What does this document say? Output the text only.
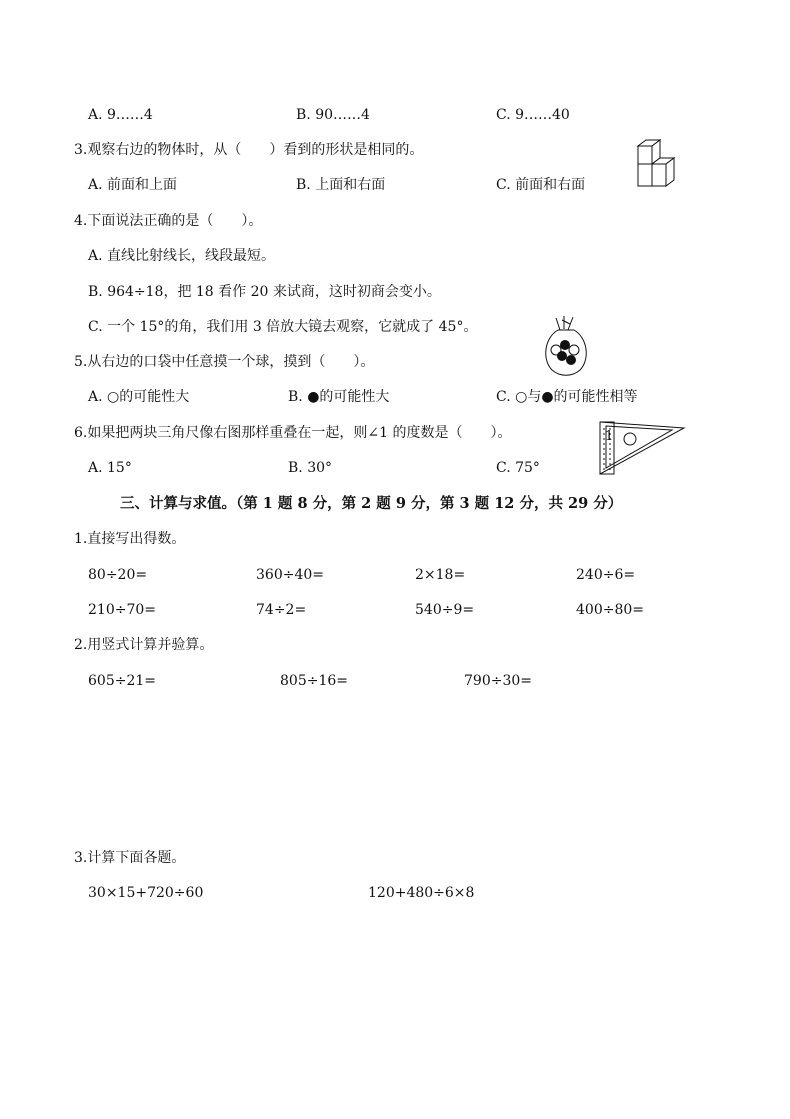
A. 9……4	B. 90……4	C. 9……40
3.观察右边的物体时，从（　　）看到的形状是相同的。
A. 前面和上面	B. 上面和右面	C. 前面和右面
4.下面说法正确的是（　　）。
A. 直线比射线长，线段最短。
B. 964÷18，把 18 看作 20 来试商，这时初商会变小。
C. 一个 15°的角，我们用 3 倍放大镜去观察，它就成了 45°。
5.从右边的口袋中任意摸一个球，摸到（　　）。
A. ○的可能性大	B. ●的可能性大	C. ○与●的可能性相等
6.如果把两块三角尺像右图那样重叠在一起，则∠1 的度数是（　　）。
A. 15°	B. 30°	C. 75°
1
三、计算与求值。（第 1 题 8 分，第 2 题 9 分，第 3 题 12 分，共 29 分）
1.直接写出得数。
80÷20=	360÷40=	2×18=	240÷6=
210÷70=	74÷2=	540÷9=	400÷80=
2.用竖式计算并验算。
605÷21=	805÷16=	790÷30=
3.计算下面各题。
30×15+720÷60	120+480÷6×8
